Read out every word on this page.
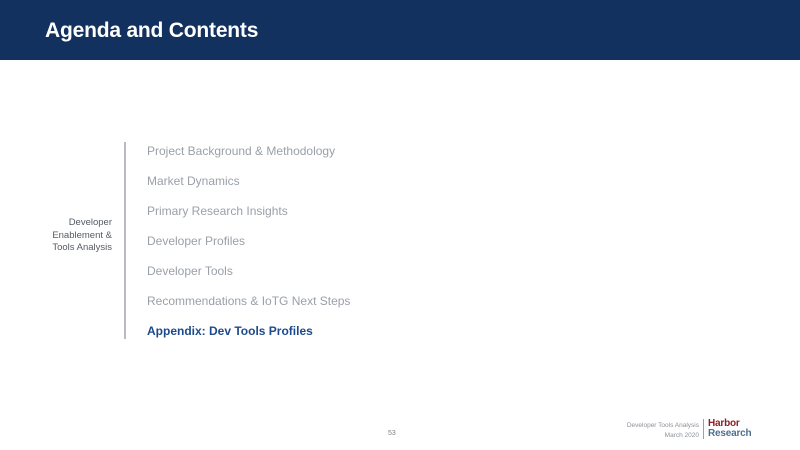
Agenda and Contents
Developer
Enablement &
Tools Analysis
Project Background & Methodology
Market Dynamics
Primary Research Insights
Developer Profiles
Developer Tools
Recommendations & IoTG Next Steps
Appendix: Dev Tools Profiles
53
Developer Tools Analysis
March 2020
Harbor
Research
